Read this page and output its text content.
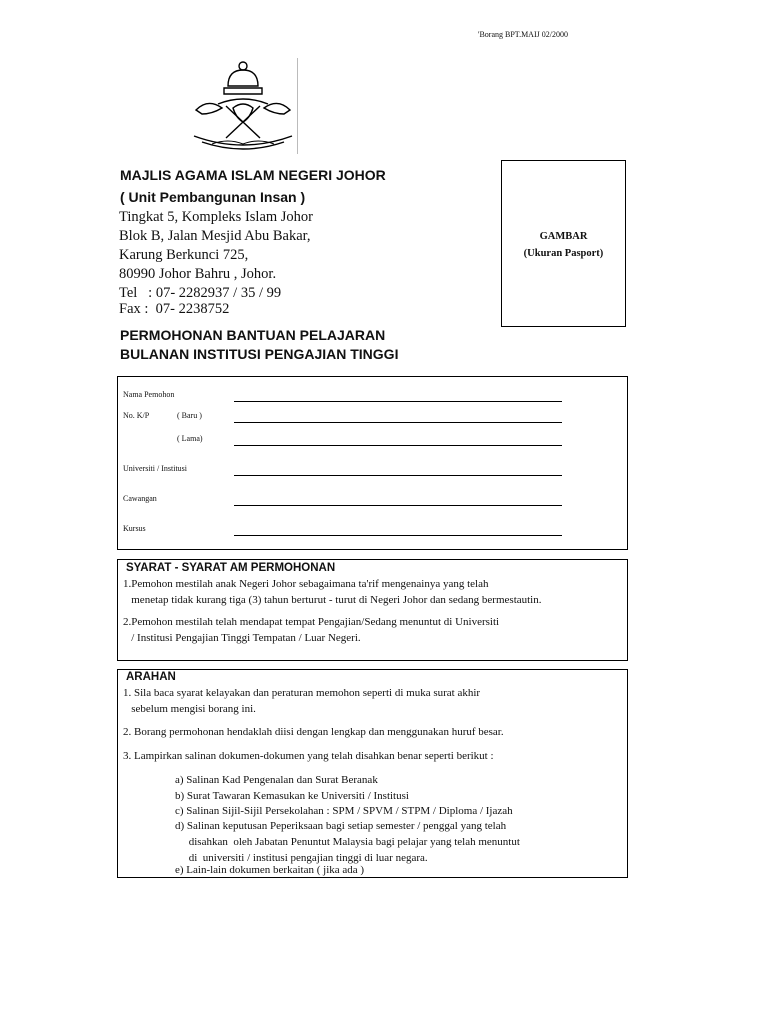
'Borang BPT.MAIJ 02/2000
MAJLIS AGAMA ISLAM NEGERI JOHOR
( Unit Pembangunan Insan )
Tingkat 5, Kompleks Islam Johor
Blok B, Jalan Mesjid Abu Bakar,
Karung Berkunci 725,
80990 Johor Bahru , Johor.
Tel   : 07- 2282937 / 35 / 99
Fax :  07- 2238752
GAMBAR
(Ukuran Pasport)
PERMOHONAN BANTUAN PELAJARAN
BULANAN INSTITUSI PENGAJIAN TINGGI
Nama Pemohon
No. K/P	( Baru )
( Lama)
Universiti / Institusi
Cawangan
Kursus
SYARAT - SYARAT AM PERMOHONAN
1.Pemohon mestilah anak Negeri Johor sebagaimana ta'rif mengenainya yang telah
menetap tidak kurang tiga (3) tahun berturut - turut di Negeri Johor dan sedang bermestautin.
2.Pemohon mestilah telah mendapat tempat Pengajian/Sedang menuntut di Universiti
/ Institusi Pengajian Tinggi Tempatan / Luar Negeri.
ARAHAN
1. Sila baca syarat kelayakan dan peraturan memohon seperti di muka surat akhir
sebelum mengisi borang ini.
2. Borang permohonan hendaklah diisi dengan lengkap dan menggunakan huruf besar.
3. Lampirkan salinan dokumen-dokumen yang telah disahkan benar seperti berikut :
a) Salinan Kad Pengenalan dan Surat Beranak
b) Surat Tawaran Kemasukan ke Universiti / Institusi
c) Salinan Sijil-Sijil Persekolahan : SPM / SPVM / STPM / Diploma / Ijazah
d) Salinan keputusan Peperiksaan bagi setiap semester / penggal yang telah
disahkan  oleh Jabatan Penuntut Malaysia bagi pelajar yang telah menuntut
di  universiti / institusi pengajian tinggi di luar negara.
e) Lain-lain dokumen berkaitan ( jika ada )
